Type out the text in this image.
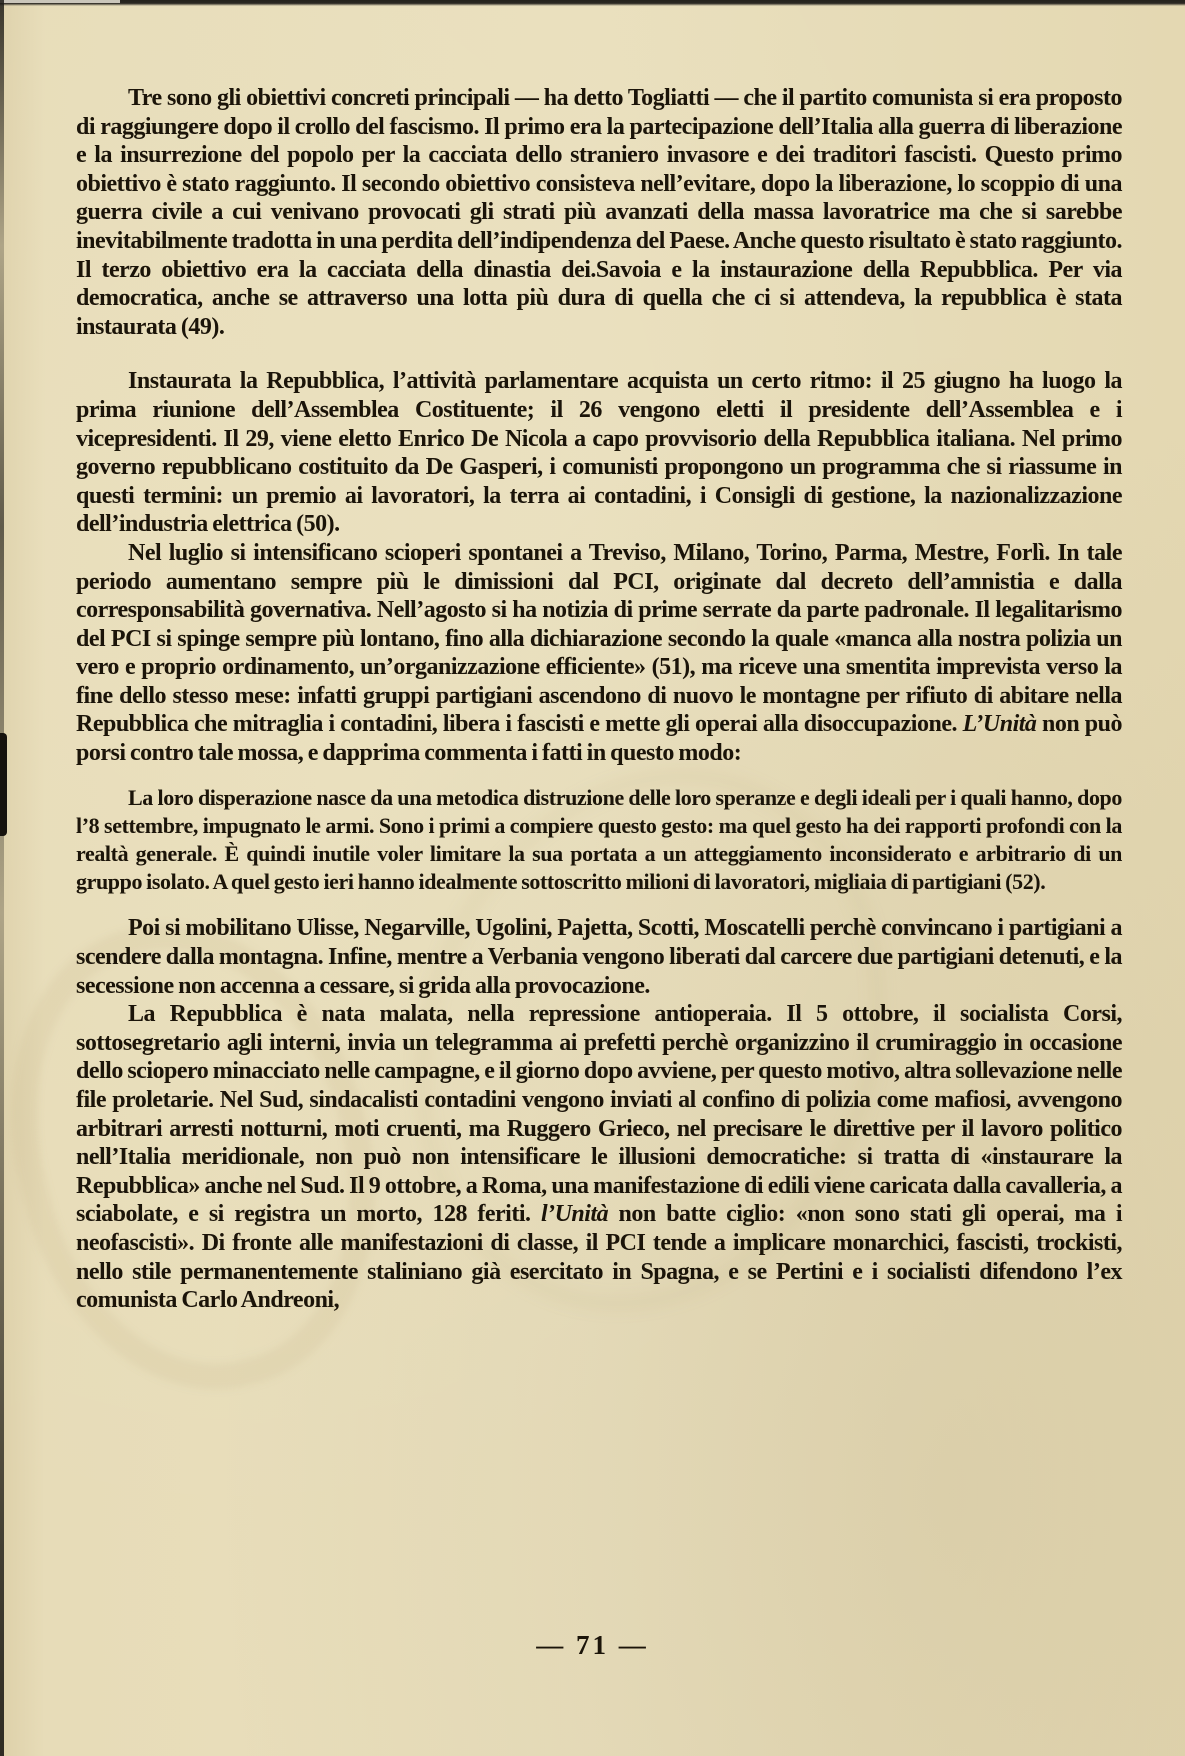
Tre sono gli obiettivi concreti principali — ha detto Togliatti — che il partito comunista si era proposto di raggiungere dopo il crollo del fascismo. Il primo era la partecipazione dell’Italia alla guerra di liberazione e la insurrezione del popolo per la cacciata dello straniero invasore e dei traditori fascisti. Questo primo obiettivo è stato raggiunto. Il secondo obiettivo consisteva nell’evitare, dopo la liberazione, lo scoppio di una guerra civile a cui venivano provocati gli strati più avanzati della massa lavoratrice ma che si sarebbe inevitabilmente tradotta in una perdita dell’indipendenza del Paese. Anche questo risultato è stato raggiunto. Il terzo obiettivo era la cacciata della dinastia dei.Savoia e la instaurazione della Repubblica. Per via democratica, anche se attraverso una lotta più dura di quella che ci si attendeva, la repubblica è stata instaurata (49).

Instaurata la Repubblica, l’attività parlamentare acquista un certo ritmo: il 25 giugno ha luogo la prima riunione dell’Assemblea Costituente; il 26 vengono eletti il presidente dell’Assemblea e i vicepresidenti. Il 29, viene eletto Enrico De Nicola a capo provvisorio della Repubblica italiana. Nel primo governo repubblicano costituito da De Gasperi, i comunisti propongono un programma che si riassume in questi termini: un premio ai lavoratori, la terra ai contadini, i Consigli di gestione, la nazionalizzazione dell’industria elettrica (50).

Nel luglio si intensificano scioperi spontanei a Treviso, Milano, Torino, Parma, Mestre, Forlì. In tale periodo aumentano sempre più le dimissioni dal PCI, originate dal decreto dell’amnistia e dalla corresponsabilità governativa. Nell’agosto si ha notizia di prime serrate da parte padronale. Il legalitarismo del PCI si spinge sempre più lontano, fino alla dichiarazione secondo la quale «manca alla nostra polizia un vero e proprio ordinamento, un’organizzazione efficiente» (51), ma riceve una smentita imprevista verso la fine dello stesso mese: infatti gruppi partigiani ascendono di nuovo le montagne per rifiuto di abitare nella Repubblica che mitraglia i contadini, libera i fascisti e mette gli operai alla disoccupazione. L’Unità non può porsi contro tale mossa, e dapprima commenta i fatti in questo modo:

La loro disperazione nasce da una metodica distruzione delle loro speranze e degli ideali per i quali hanno, dopo l’8 settembre, impugnato le armi. Sono i primi a compiere questo gesto: ma quel gesto ha dei rapporti profondi con la realtà generale. È quindi inutile voler limitare la sua portata a un atteggiamento inconsiderato e arbitrario di un gruppo isolato. A quel gesto ieri hanno idealmente sottoscritto milioni di lavoratori, migliaia di partigiani (52).

Poi si mobilitano Ulisse, Negarville, Ugolini, Pajetta, Scotti, Moscatelli perchè convincano i partigiani a scendere dalla montagna. Infine, mentre a Verbania vengono liberati dal carcere due partigiani detenuti, e la secessione non accenna a cessare, si grida alla provocazione.

La Repubblica è nata malata, nella repressione antioperaia. Il 5 ottobre, il socialista Corsi, sottosegretario agli interni, invia un telegramma ai prefetti perchè organizzino il crumiraggio in occasione dello sciopero minacciato nelle campagne, e il giorno dopo avviene, per questo motivo, altra sollevazione nelle file proletarie. Nel Sud, sindacalisti contadini vengono inviati al confino di polizia come mafiosi, avvengono arbitrari arresti notturni, moti cruenti, ma Ruggero Grieco, nel precisare le direttive per il lavoro politico nell’Italia meridionale, non può non intensificare le illusioni democratiche: si tratta di «instaurare la Repubblica» anche nel Sud. Il 9 ottobre, a Roma, una manifestazione di edili viene caricata dalla cavalleria, a sciabolate, e si registra un morto, 128 feriti. l’Unità non batte ciglio: «non sono stati gli operai, ma i neofascisti». Di fronte alle manifestazioni di classe, il PCI tende a implicare monarchici, fascisti, trockisti, nello stile permanentemente staliniano già esercitato in Spagna, e se Pertini e i socialisti difendono l’ex comunista Carlo Andreoni,

— 71 —
